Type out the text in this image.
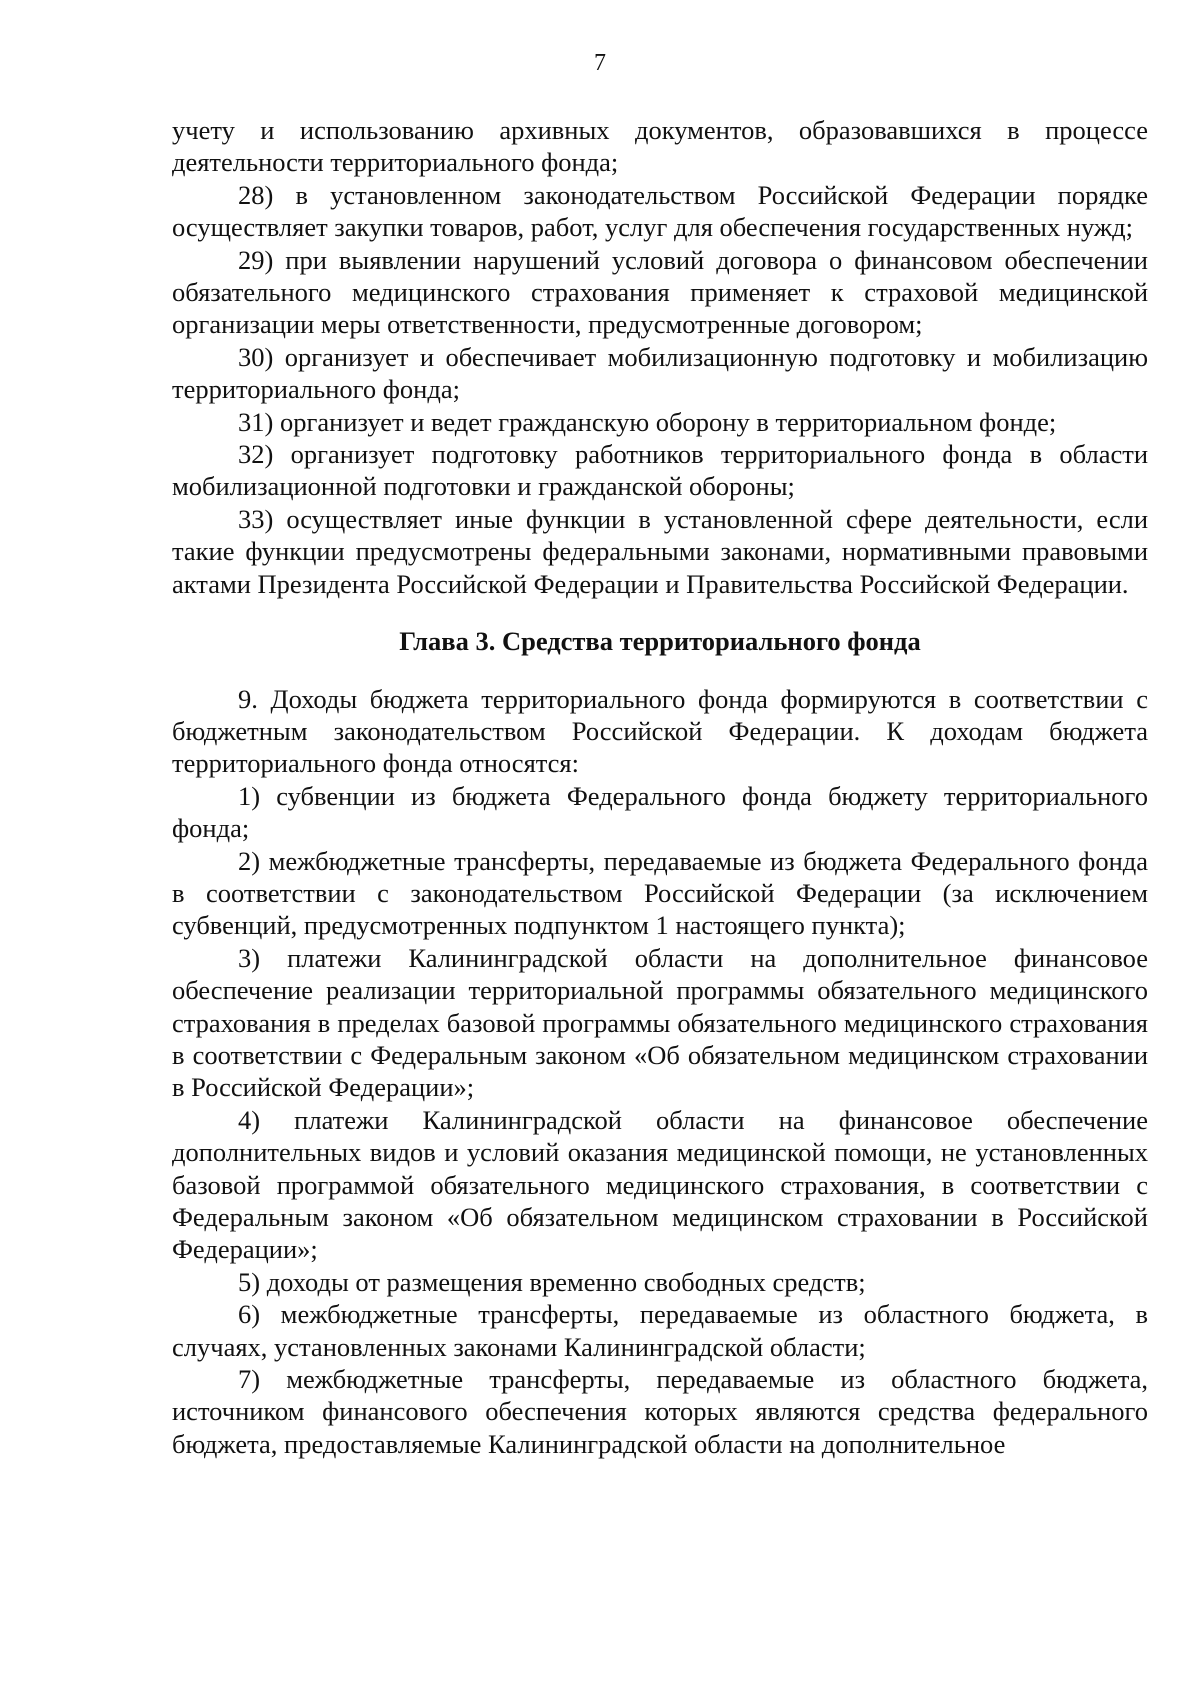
7

учету и использованию архивных документов, образовавшихся в процессе деятельности территориального фонда;

28) в установленном законодательством Российской Федерации порядке осуществляет закупки товаров, работ, услуг для обеспечения государственных нужд;

29) при выявлении нарушений условий договора о финансовом обеспечении обязательного медицинского страхования применяет к страховой медицинской организации меры ответственности, предусмотренные договором;

30) организует и обеспечивает мобилизационную подготовку и мобилизацию территориального фонда;

31) организует и ведет гражданскую оборону в территориальном фонде;

32) организует подготовку работников территориального фонда в области мобилизационной подготовки и гражданской обороны;

33) осуществляет иные функции в установленной сфере деятельности, если такие функции предусмотрены федеральными законами, нормативными правовыми актами Президента Российской Федерации и Правительства Российской Федерации.

Глава 3. Средства территориального фонда

9. Доходы бюджета территориального фонда формируются в соответствии с бюджетным законодательством Российской Федерации. К доходам бюджета территориального фонда относятся:

1) субвенции из бюджета Федерального фонда бюджету территориального фонда;

2) межбюджетные трансферты, передаваемые из бюджета Федерального фонда в соответствии с законодательством Российской Федерации (за исключением субвенций, предусмотренных подпунктом 1 настоящего пункта);

3) платежи Калининградской области на дополнительное финансовое обеспечение реализации территориальной программы обязательного медицинского страхования в пределах базовой программы обязательного медицинского страхования в соответствии с Федеральным законом «Об обязательном медицинском страховании в Российской Федерации»;

4) платежи Калининградской области на финансовое обеспечение дополнительных видов и условий оказания медицинской помощи, не установленных базовой программой обязательного медицинского страхования, в соответствии с Федеральным законом «Об обязательном медицинском страховании в Российской Федерации»;

5) доходы от размещения временно свободных средств;

6) межбюджетные трансферты, передаваемые из областного бюджета, в случаях, установленных законами Калининградской области;

7) межбюджетные трансферты, передаваемые из областного бюджета, источником финансового обеспечения которых являются средства федерального бюджета, предоставляемые Калининградской области на дополнительное
